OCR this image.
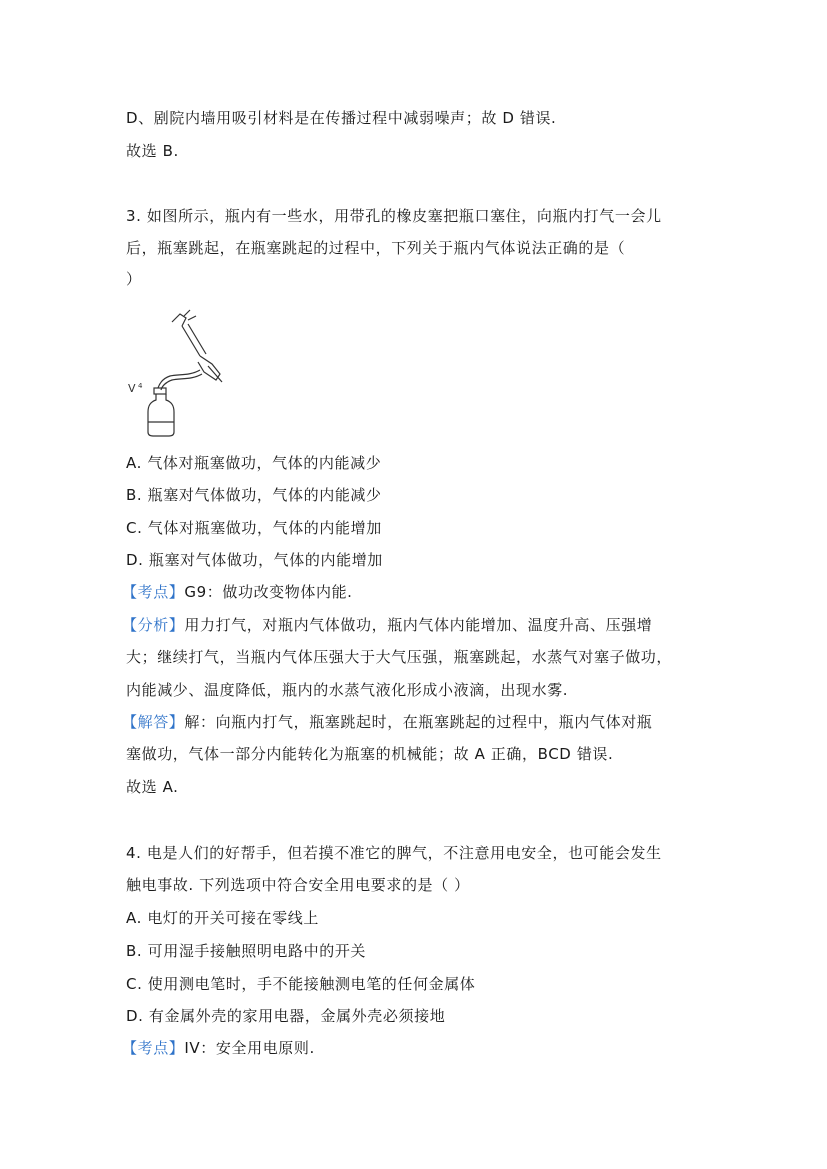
D、剧院内墙用吸引材料是在传播过程中减弱噪声；故 D 错误.
故选 B.
3. 如图所示，瓶内有一些水，用带孔的橡皮塞把瓶口塞住，向瓶内打气一会儿
后，瓶塞跳起，在瓶塞跳起的过程中，下列关于瓶内气体说法正确的是（
）
V 4
A. 气体对瓶塞做功，气体的内能减少
B. 瓶塞对气体做功，气体的内能减少
C. 气体对瓶塞做功，气体的内能增加
D. 瓶塞对气体做功，气体的内能增加
【考点】G9：做功改变物体内能.
【分析】用力打气，对瓶内气体做功，瓶内气体内能增加、温度升高、压强增
大；继续打气，当瓶内气体压强大于大气压强，瓶塞跳起，水蒸气对塞子做功，
内能减少、温度降低，瓶内的水蒸气液化形成小液滴，出现水雾.
【解答】解：向瓶内打气，瓶塞跳起时，在瓶塞跳起的过程中，瓶内气体对瓶
塞做功，气体一部分内能转化为瓶塞的机械能；故 A 正确，BCD 错误.
故选 A.
4. 电是人们的好帮手，但若摸不准它的脾气，不注意用电安全，也可能会发生
触电事故. 下列选项中符合安全用电要求的是（ ）
A. 电灯的开关可接在零线上
B. 可用湿手接触照明电路中的开关
C. 使用测电笔时，手不能接触测电笔的任何金属体
D. 有金属外壳的家用电器，金属外壳必须接地
【考点】IV：安全用电原则.
